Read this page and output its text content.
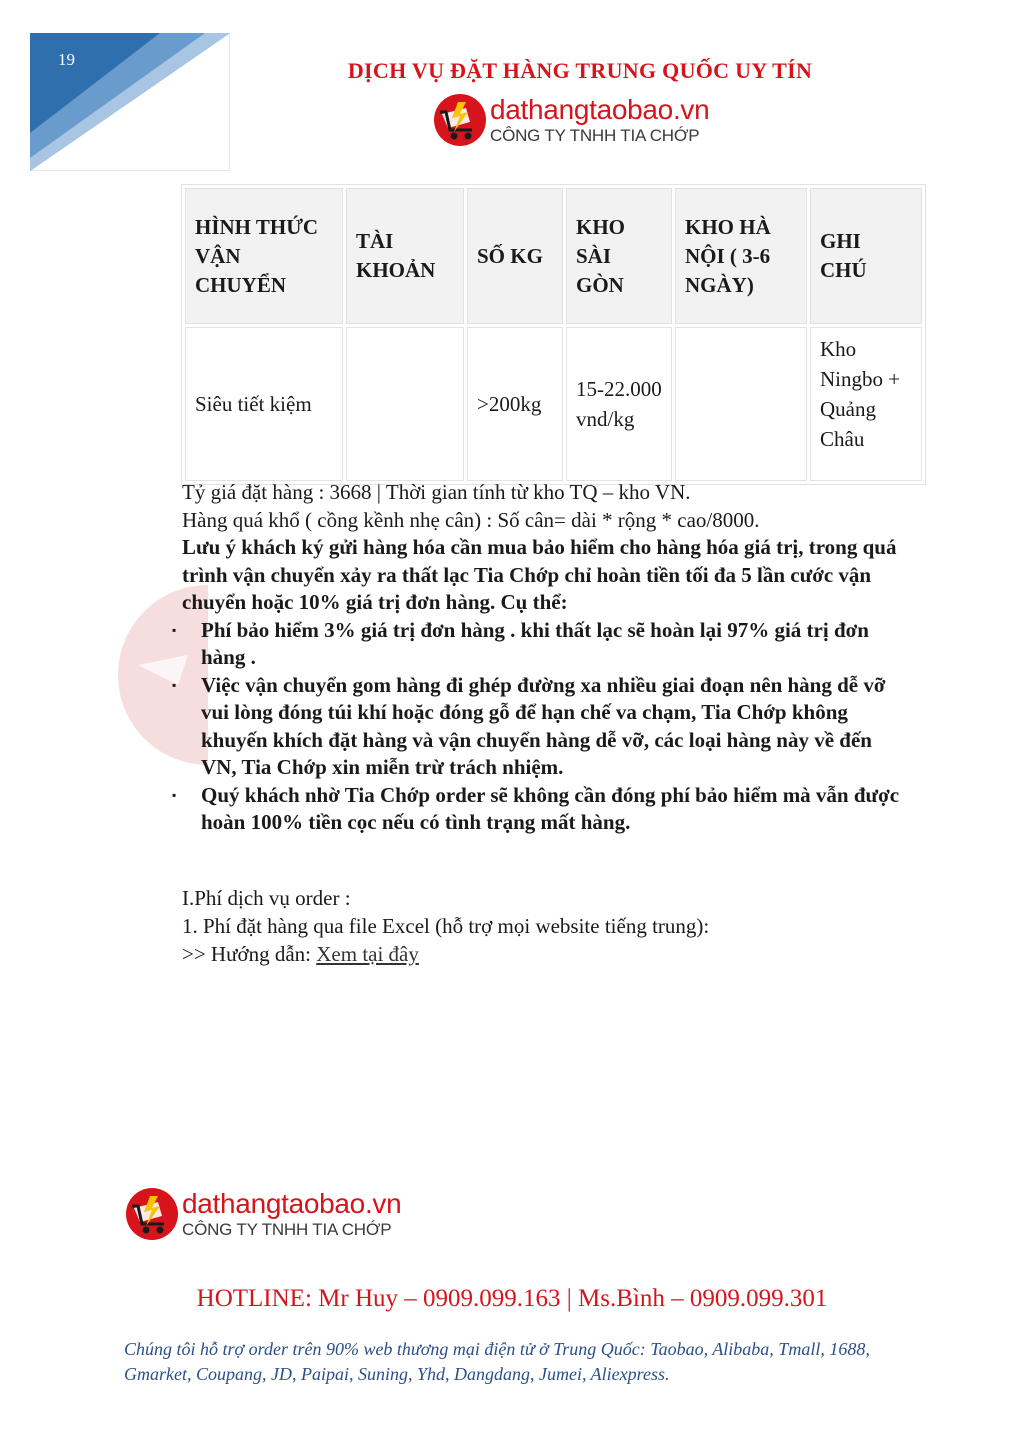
19	DỊCH VỤ ĐẶT HÀNG TRUNG QUỐC UY TÍN
dathangtaobao.vn
CÔNG TY TNHH TIA CHỚP
HÌNH THỨC VẬN CHUYỂN	TÀI KHOẢN	SỐ KG	KHO SÀI GÒN	KHO HÀ NỘI ( 3-6 NGÀY)	GHI CHÚ
Siêu tiết kiệm		>200kg	15-22.000 vnd/kg		Kho Ningbo + Quảng Châu

Tỷ giá đặt hàng : 3668 | Thời gian tính từ kho TQ – kho VN.

Hàng quá khổ ( cồng kềnh nhẹ cân) : Số cân= dài * rộng * cao/8000.

Lưu ý khách ký gửi hàng hóa cần mua bảo hiểm cho hàng hóa giá trị, trong quá trình vận chuyển xảy ra thất lạc Tia Chớp chỉ hoàn tiền tối đa 5 lần cước vận chuyển hoặc 10% giá trị đơn hàng. Cụ thể:

▪ Phí bảo hiểm 3% giá trị đơn hàng . khi thất lạc sẽ hoàn lại 97% giá trị đơn hàng .
▪ Việc vận chuyển gom hàng đi ghép đường xa nhiều giai đoạn nên hàng dễ vỡ vui lòng đóng túi khí hoặc đóng gỗ để hạn chế va chạm, Tia Chớp không khuyến khích đặt hàng và vận chuyển hàng dễ vỡ, các loại hàng này về đến VN, Tia Chớp xin miễn trừ trách nhiệm.
▪ Quý khách nhờ Tia Chớp order sẽ không cần đóng phí bảo hiểm mà vẫn được hoàn 100% tiền cọc nếu có tình trạng mất hàng.

I.Phí dịch vụ order :

1. Phí đặt hàng qua file Excel (hỗ trợ mọi website tiếng trung):

>> Hướng dẫn: Xem tại đây

dathangtaobao.vn
CÔNG TY TNHH TIA CHỚP
HOTLINE: Mr Huy – 0909.099.163 | Ms.Bình – 0909.099.301
Chúng tôi hỗ trợ order trên 90% web thương mại điện tử ở Trung Quốc: Taobao, Alibaba, Tmall, 1688, Gmarket, Coupang, JD, Paipai, Suning, Yhd, Dangdang, Jumei, Aliexpress.
